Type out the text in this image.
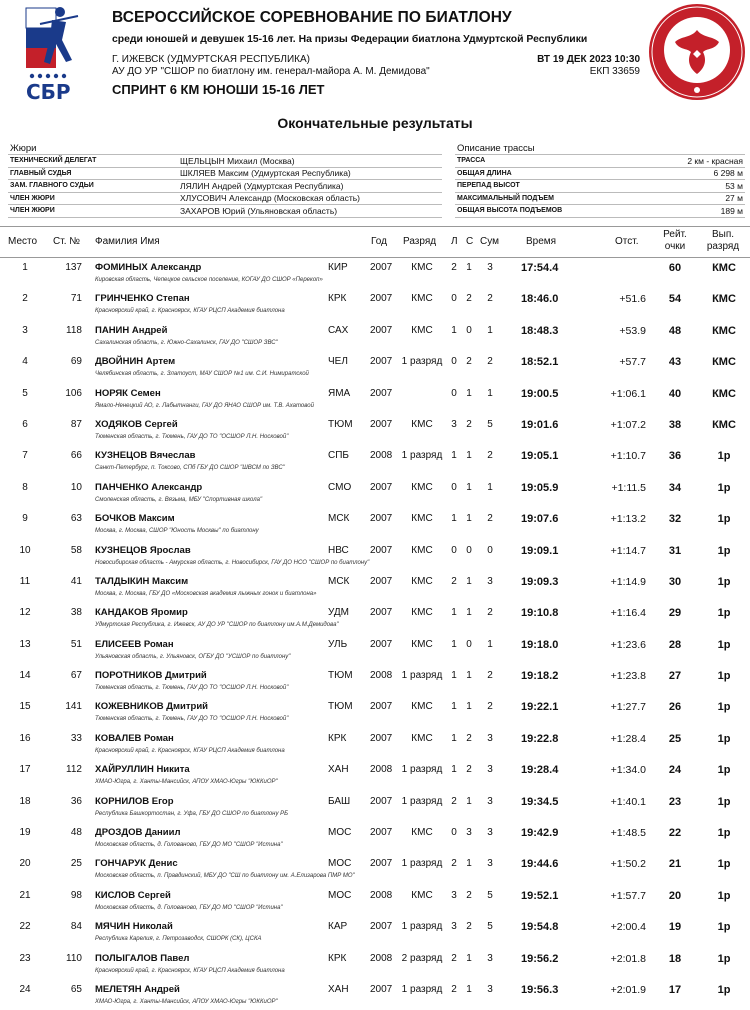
СБР
ВСЕРОССИЙСКОЕ СОРЕВНОВАНИЕ ПО БИАТЛОНУ
среди юношей и девушек 15-16 лет. На призы Федерации биатлона Удмуртской Республики
Г. ИЖЕВСК (УДМУРТСКАЯ РЕСПУБЛИКА)
АУ ДО УР "СШОР по биатлону им. генерал-майора А. М. Демидова"
ВТ 19 ДЕК 2023 10:30
ЕКП 33659
СПРИНТ 6 КМ ЮНОШИ 15-16 ЛЕТ
Окончательные результаты
Жюри	Описание трассы
ТЕХНИЧЕСКИЙ ДЕЛЕГАТ	ЩЕЛЬЦЫН Михаил (Москва)
ГЛАВНЫЙ СУДЬЯ	ШКЛЯЕВ Максим (Удмуртская Республика)
ЗАМ. ГЛАВНОГО СУДЬИ	ЛЯЛИН Андрей (Удмуртская Республика)
ЧЛЕН ЖЮРИ	ХЛУСОВИЧ Александр (Московская область)
ЧЛЕН ЖЮРИ	ЗАХАРОВ Юрий (Ульяновская область)
ТРАССА	2 км - красная
ОБЩАЯ ДЛИНА	6 298 м
ПЕРЕПАД ВЫСОТ	53 м
МАКСИМАЛЬНЫЙ ПОДЪЕМ	27 м
ОБЩАЯ ВЫСОТА ПОДЪЕМОВ	189 м
Место Ст. № Фамилия Имя	Год Разряд Л С Сум	Время	Отст.
Рейт.
очки
Вып.
разряд
1	137 ФОМИНЫХ Александр	КИР 2007	КМС	2 1	3	17:54.4	60	КМС
Кировская область, Чепецкое сельское поселение, КОГАУ ДО СШОР «Перекоп»
2	71 ГРИНЧЕНКО Степан	КРК 2007	КМС	0 2	2	18:46.0	+51.6	54	КМС
Красноярский край, г. Красноярск, КГАУ РЦСП Академия биатлона
3	118 ПАНИН Андрей	САХ 2007	КМС	1 0	1	18:48.3	+53.9	48	КМС
Сахалинская область, г. Южно-Сахалинск, ГАУ ДО "СШОР ЗВС"
4	69 ДВОЙНИН Артем	ЧЕЛ 2007 1 разряд 0 2	2	18:52.1	+57.7	43	КМС
Челябинская область, г. Златоуст, МАУ СШОР №1 им. С.И. Нимиратской
5	106 НОРЯК Семен	ЯМА 2007	0 1	1	19:00.5	+1:06.1	40	КМС
Ямало-Ненецкий АО, г. Лабытнанги, ГАУ ДО ЯНАО СШОР им. Т.В. Ахатовой
6	87 ХОДЯКОВ Сергей	ТЮМ 2007	КМС	3 2	5	19:01.6	+1:07.2	38	КМС
Тюменская область, г. Тюмень, ГАУ ДО ТО "ОСШОР Л.Н. Носковой"
7	66 КУЗНЕЦОВ Вячеслав	СПБ 2008 1 разряд 1 1	2	19:05.1	+1:10.7	36	1р
Санкт-Петербург, п. Токсово, СПб ГБУ ДО СШОР "ШВСМ по ЗВС"
8	10 ПАНЧЕНКО Александр	СМО 2007	КМС	0 1	1	19:05.9	+1:11.5	34	1р
Смоленская область, г. Вязьма, МБУ "Спортивная школа"
9	63 БОЧКОВ Максим	МСК 2007	КМС	1 1	2	19:07.6	+1:13.2	32	1р
Москва, г. Москва, СШОР "Юность Москвы" по биатлону
10	58 КУЗНЕЦОВ Ярослав	НВС 2007	КМС	0 0	0	19:09.1	+1:14.7	31	1р
Новосибирская область - Амурская область, г. Новосибирск, ГАУ ДО НСО "СШОР по биатлону"
11	41 ТАЛДЫКИН Максим	МСК 2007	КМС	2 1	3	19:09.3	+1:14.9	30	1р
Москва, г. Москва, ГБУ ДО «Московская академия лыжных гонок и биатлона»
12	38 КАНДАКОВ Яромир	УДМ 2007	КМС	1 1	2	19:10.8	+1:16.4	29	1р
Удмуртская Республика, г. Ижевск, АУ ДО УР "СШОР по биатлону им.А.М.Демидова"
13	51 ЕЛИСЕЕВ Роман	УЛЬ 2007	КМС	1 0	1	19:18.0	+1:23.6	28	1р
Ульяновская область, г. Ульяновск, ОГБУ ДО "УСШОР по биатлону"
14	67 ПОРОТНИКОВ Дмитрий	ТЮМ 2008 1 разряд 1 1	2	19:18.2	+1:23.8	27	1р
Тюменская область, г. Тюмень, ГАУ ДО ТО "ОСШОР Л.Н. Носковой"
15	141 КОЖЕВНИКОВ Дмитрий	ТЮМ 2007	КМС	1 1	2	19:22.1	+1:27.7	26	1р
Тюменская область, г. Тюмень, ГАУ ДО ТО "ОСШОР Л.Н. Носковой"
16	33 КОВАЛЕВ Роман	КРК 2007	КМС	1 2	3	19:22.8	+1:28.4	25	1р
Красноярский край, г. Красноярск, КГАУ РЦСП Академия биатлона
17	112 ХАЙРУЛЛИН Никита	ХАН 2008 1 разряд 1 2	3	19:28.4	+1:34.0	24	1р
ХМАО-Югра, г. Ханты-Мансийск, АПОУ ХМАО-Югры "ЮККиОР"
18	36 КОРНИЛОВ Егор	БАШ 2007 1 разряд 2 1	3	19:34.5	+1:40.1	23	1р
Республика Башкортостан, г. Уфа, ГБУ ДО СШОР по биатлону РБ
19	48 ДРОЗДОВ Даниил	МОС 2007	КМС	0 3	3	19:42.9	+1:48.5	22	1р
Московская область, д. Голованово, ГБУ ДО МО "СШОР "Истина"
20	25 ГОНЧАРУК Денис	МОС 2007 1 разряд 2 1	3	19:44.6	+1:50.2	21	1р
Московская область, п. Правдинский, МБУ ДО "СШ по биатлону им. А.Елизарова ПМР МО"
21	98 КИСЛОВ Сергей	МОС 2008	КМС	3 2	5	19:52.1	+1:57.7	20	1р
Московская область, д. Голованово, ГБУ ДО МО "СШОР "Истина"
22	84 МЯЧИН Николай	КАР 2007 1 разряд 3 2	5	19:54.8	+2:00.4	19	1р
Республика Карелия, г. Петрозаводск, СШОРК (СК), ЦСКА
23	110 ПОЛЫГАЛОВ Павел	КРК 2008 2 разряд 2 1	3	19:56.2	+2:01.8	18	1р
Красноярский край, г. Красноярск, КГАУ РЦСП Академия биатлона
24	65 МЕЛЕТЯН Андрей	ХАН 2007 1 разряд 2 1	3	19:56.3	+2:01.9	17	1р
ХМАО-Югра, г. Ханты-Мансийск, АПОУ ХМАО-Югры "ЮККиОР"
